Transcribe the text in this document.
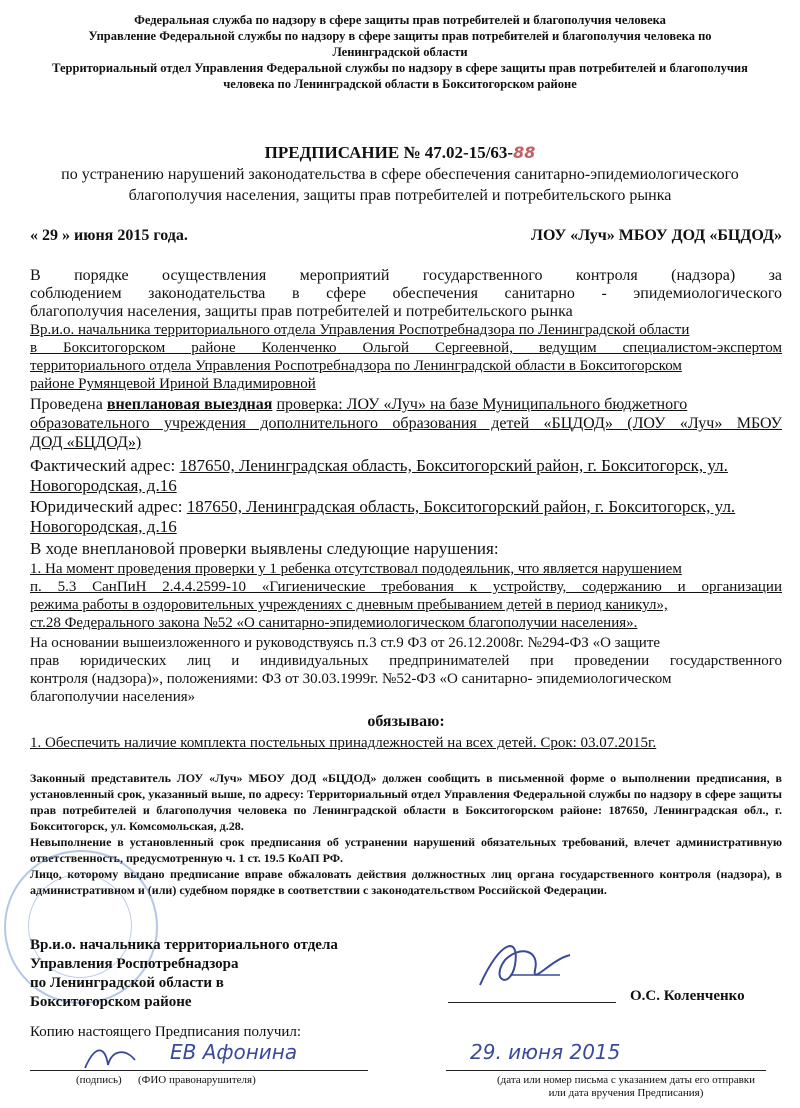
Федеральная служба по надзору в сфере защиты прав потребителей и благополучия человека
Управление Федеральной службы по надзору в сфере защиты прав потребителей и благополучия человека по Ленинградской области
Территориальный отдел Управления Федеральной службы по надзору в сфере защиты прав потребителей и благополучия человека по Ленинградской области в Бокситогорском районе
ПРЕДПИСАНИЕ № 47.02-15/63-88
по устранению нарушений законодательства в сфере обеспечения санитарно-эпидемиологического благополучия населения, защиты прав потребителей и потребительского рынка
« 29 » июня 2015 года.	ЛОУ «Луч» МБОУ ДОД «БЦДОД»
В порядке осуществления мероприятий государственного контроля (надзора) за
соблюдением законодательства в сфере обеспечения санитарно - эпидемиологического
благополучия населения, защиты прав потребителей и потребительского рынка
Вр.и.о. начальника территориального отдела Управления Роспотребнадзора по Ленинградской области
в Бокситогорском районе Коленченко Ольгой Сергеевной, ведущим специалистом-экспертом
территориального отдела Управления Роспотребнадзора по Ленинградской области в Бокситогорском
районе Румянцевой Ириной Владимировной
Проведена внеплановая выездная проверка: ЛОУ «Луч» на базе Муниципального бюджетного
образовательного учреждения дополнительного образования детей «БЦДОД» (ЛОУ «Луч» МБОУ
ДОД «БЦДОД»)
Фактический адрес: 187650, Ленинградская область, Бокситогорский район, г. Бокситогорск, ул.
Новогородская, д.16
Юридический адрес: 187650, Ленинградская область, Бокситогорский район, г. Бокситогорск, ул.
Новогородская, д.16
В ходе внеплановой проверки выявлены следующие нарушения:
1. На момент проведения проверки у 1 ребенка отсутствовал пододеяльник, что является нарушением
п. 5.3 СанПиН 2.4.4.2599-10 «Гигиенические требования к устройству, содержанию и организации
режима работы в оздоровительных учреждениях с дневным пребыванием детей в период каникул»,
ст.28 Федерального закона №52 «О санитарно-эпидемиологическом благополучии населения».
На основании вышеизложенного и руководствуясь п.3 ст.9 ФЗ от 26.12.2008г. №294-ФЗ «О защите
прав юридических лиц и индивидуальных предпринимателей при проведении государственного
контроля (надзора)», положениями: ФЗ от 30.03.1999г. №52-ФЗ «О санитарно- эпидемиологическом
благополучии населения»
обязываю:
1. Обеспечить наличие комплекта постельных принадлежностей на всех детей. Срок: 03.07.2015г.
Законный представитель ЛОУ «Луч» МБОУ ДОД «БЦДОД» должен сообщить в письменной форме о выполнении предписания, в установленный срок, указанный выше, по адресу: Территориальный отдел Управления Федеральной службы по надзору в сфере защиты прав потребителей и благополучия человека по Ленинградской области в Бокситогорском районе: 187650, Ленинградская обл., г. Бокситогорск, ул. Комсомольская, д.28.
Невыполнение в установленный срок предписания об устранении нарушений обязательных требований, влечет административную ответственность, предусмотренную ч. 1 ст. 19.5 КоАП РФ.
Лицо, которому выдано предписание вправе обжаловать действия должностных лиц органа государственного контроля (надзора), в административном и (или) судебном порядке в соответствии с законодательством Российской Федерации.
Вр.и.о. начальника территориального отдела
Управления Роспотребнадзора
по Ленинградской области в
Бокситогорском районе	О.С. Коленченко
Копию настоящего Предписания получил:
ЕВ Афонина	29. июня 2015
(подпись) (ФИО правонарушителя)	(дата или номер письма с указанием даты его отправки
или дата вручения Предписания)
